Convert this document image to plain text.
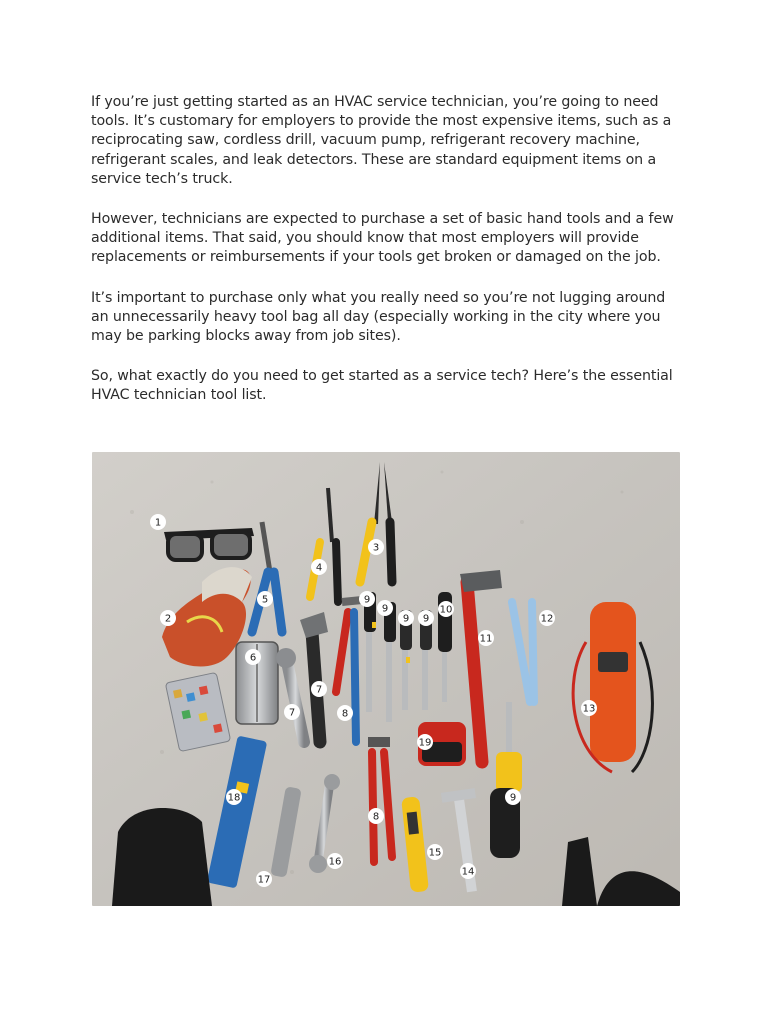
If you’re just getting started as an HVAC service technician, you’re going to need tools. It’s customary for employers to provide the most expensive items, such as a reciprocating saw, cordless drill, vacuum pump, refrigerant recovery machine, refrigerant scales, and leak detectors. These are standard equipment items on a service tech’s truck.

However, technicians are expected to purchase a set of basic hand tools and a few additional items. That said, you should know that most employers will provide replacements or reimbursements if your tools get broken or damaged on the job.

It’s important to purchase only what you really need so you’re not lugging around an unnecessarily heavy tool bag all day (especially working in the city where you may be parking blocks away from job sites).

So, what exactly do you need to get started as a service tech? Here’s the essential HVAC technician tool list.

1
2
3
4
5
6
7
7
8
8
9
9
9 9
9
10
11
12
13
14
15
16
17
18
19
